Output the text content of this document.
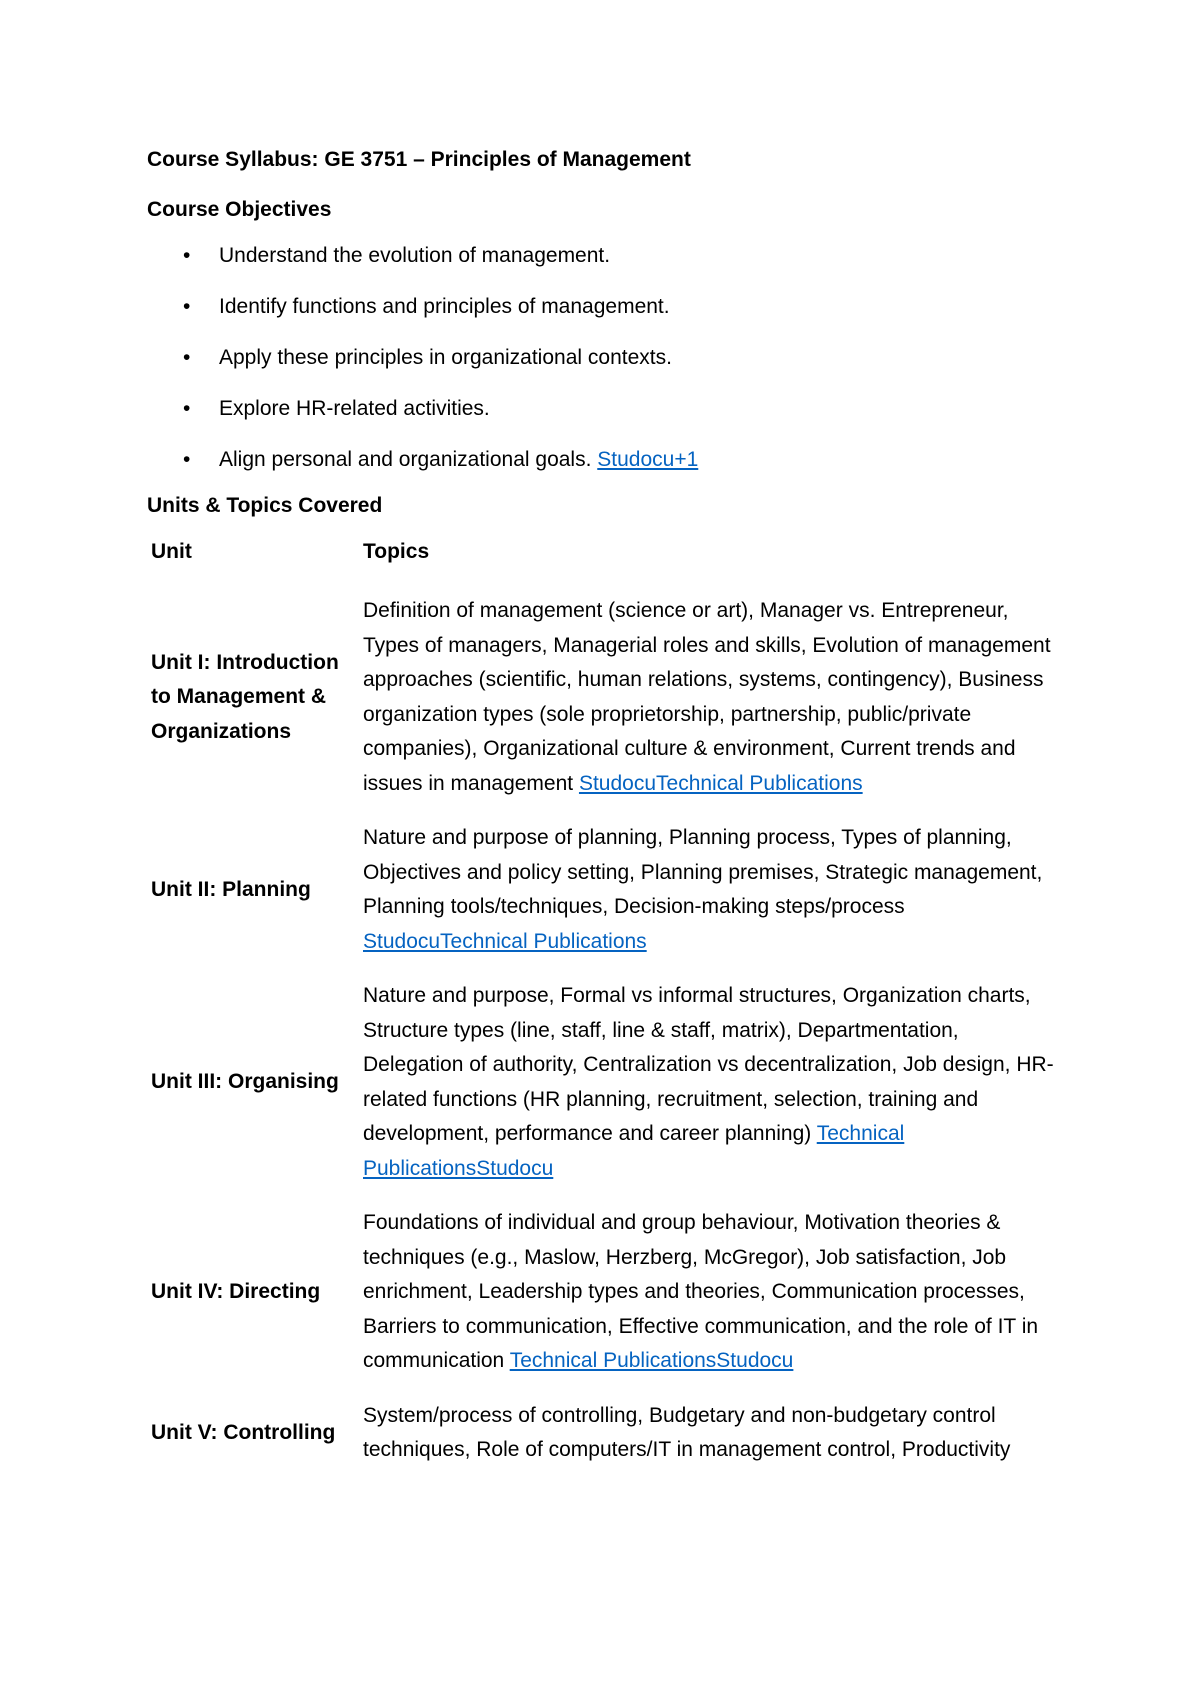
Course Syllabus: GE 3751 – Principles of Management
Course Objectives
• Understand the evolution of management.
• Identify functions and principles of management.
• Apply these principles in organizational contexts.
• Explore HR-related activities.
• Align personal and organizational goals. Studocu+1
Units & Topics Covered
Unit	Topics
Unit I: Introduction to Management & Organizations	Definition of management (science or art), Manager vs. Entrepreneur, Types of managers, Managerial roles and skills, Evolution of management approaches (scientific, human relations, systems, contingency), Business organization types (sole proprietorship, partnership, public/private companies), Organizational culture & environment, Current trends and issues in management StudocuTechnical Publications
Unit II: Planning	Nature and purpose of planning, Planning process, Types of planning, Objectives and policy setting, Planning premises, Strategic management, Planning tools/techniques, Decision-making steps/process StudocuTechnical Publications
Unit III: Organising	Nature and purpose, Formal vs informal structures, Organization charts, Structure types (line, staff, line & staff, matrix), Departmentation, Delegation of authority, Centralization vs decentralization, Job design, HR-related functions (HR planning, recruitment, selection, training and development, performance and career planning) Technical PublicationsStudocu
Unit IV: Directing	Foundations of individual and group behaviour, Motivation theories & techniques (e.g., Maslow, Herzberg, McGregor), Job satisfaction, Job enrichment, Leadership types and theories, Communication processes, Barriers to communication, Effective communication, and the role of IT in communication Technical PublicationsStudocu
Unit V: Controlling	System/process of controlling, Budgetary and non-budgetary control techniques, Role of computers/IT in management control, Productivity
